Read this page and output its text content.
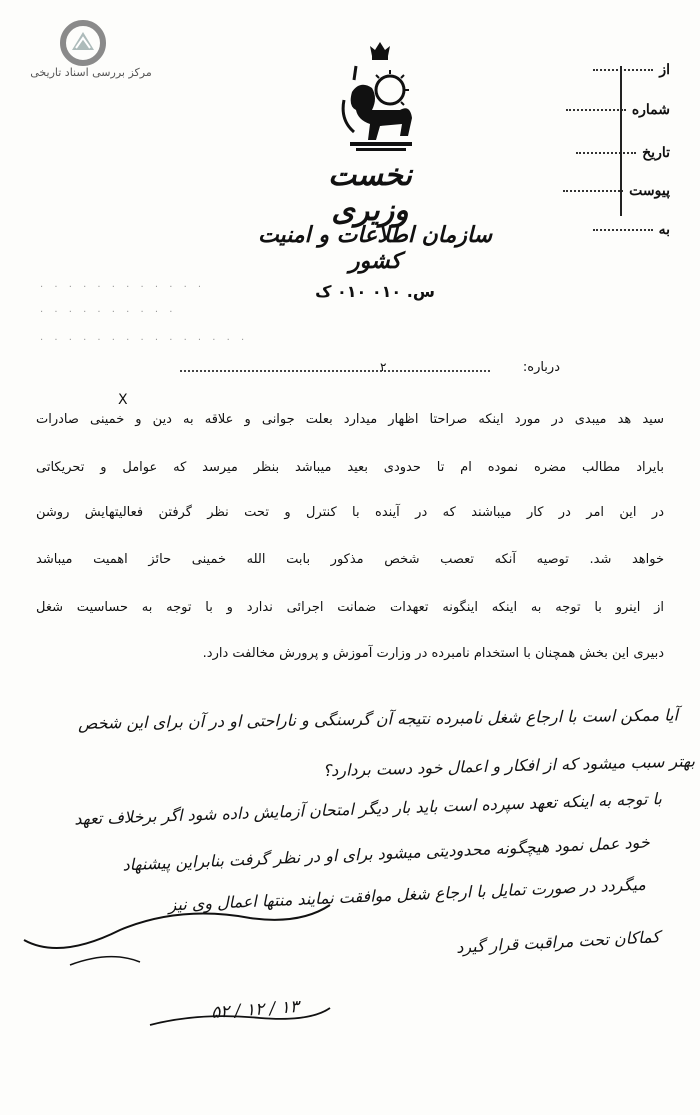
مرکز بررسی اسناد تاریخی	از
شماره
تاریخ
پیوست
به
نخست وزیری
سازمان اطلاعات و امنیت کشور
س. ۰۱۰ ۰۱۰ ک
· · · · · · · · · · · ·
· · · · · · · · · ·
· · · · · · · · · · · · · · ·
درباره:
۲
X
سید هد میبدی در مورد اینکه صراحتا اظهار میدارد بعلت جوانی و علاقه به دین و خمینی صادرات
بایراد مطالب مضره نموده ام تا حدودی بعید میباشد بنظر میرسد که عوامل و تحریکاتی
در این امر در کار میباشند که در آینده با کنترل و تحت نظر گرفتن فعالیتهایش روشن
خواهد شد. توصیه آنکه تعصب شخص مذکور بابت الله خمینی حائز اهمیت میباشد
از اینرو با توجه به اینکه اینگونه تعهدات ضمانت اجرائی ندارد و با توجه به حساسیت شغل
دبیری این بخش همچنان با استخدام نامبرده در وزارت آموزش و پرورش مخالفت دارد.
آیا ممکن است با ارجاع شغل نامبرده نتیجه آن گرسنگی و ناراحتی او در آن برای این شخص
بهتر سبب میشود که از افکار و اعمال خود دست بردارد؟
با توجه به اینکه تعهد سپرده است باید بار دیگر امتحان آزمایش داده شود اگر برخلاف تعهد
خود عمل نمود هیچگونه محدودیتی میشود برای او در نظر گرفت بنابراین پیشنهاد
میگردد در صورت تمایل با ارجاع شغل موافقت نمایند منتها اعمال وی نیز
کماکان تحت مراقبت قرار گیرد
۱۳ / ۱۲ / ۵۲
